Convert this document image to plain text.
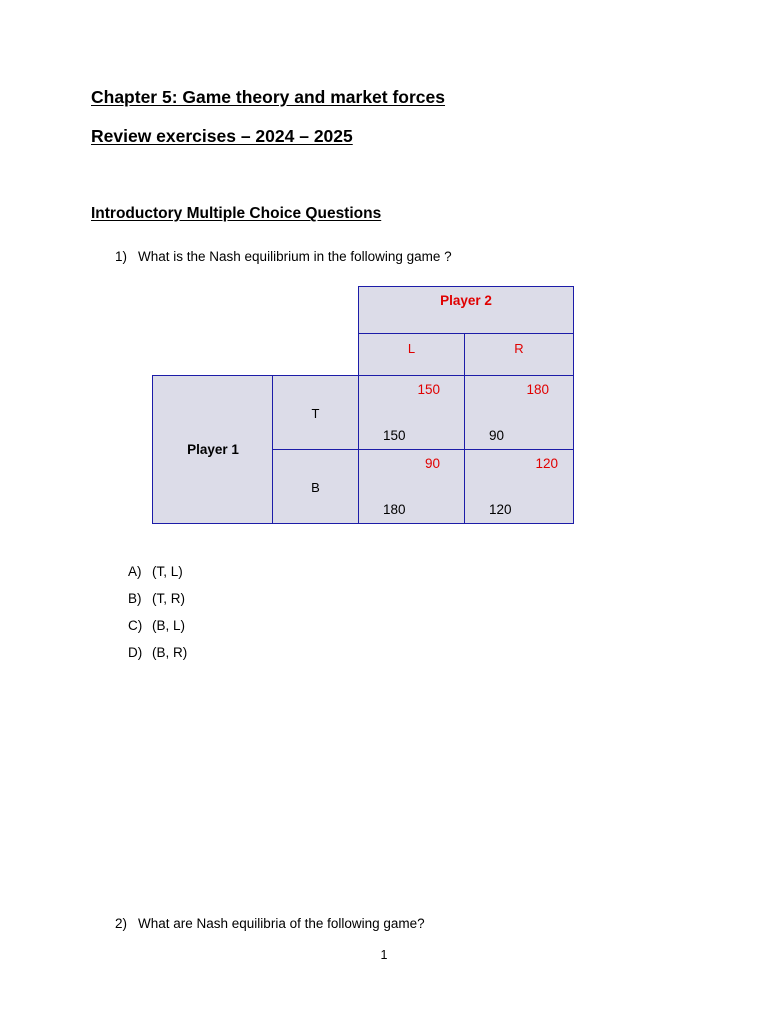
Chapter 5: Game theory and market forces
Review exercises – 2024 – 2025
Introductory Multiple Choice Questions
1) What is the Nash equilibrium in the following game ?
Player 2
L	R
Player 1
T
B
150
150
180
90
90
180
120
120
A) (T, L)
B) (T, R)
C) (B, L)
D) (B, R)
2) What are Nash equilibria of the following game?
1
